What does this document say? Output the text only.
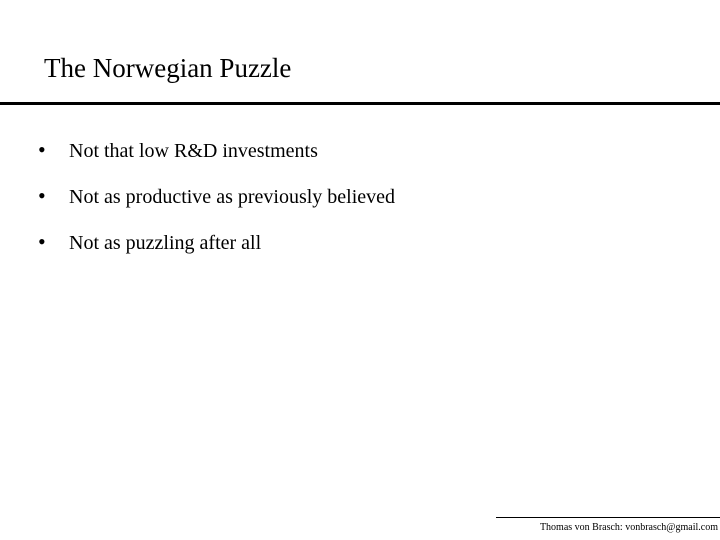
The Norwegian Puzzle
• Not that low R&D investments
• Not as productive as previously believed
• Not as puzzling after all
Thomas von Brasch: vonbrasch@gmail.com
